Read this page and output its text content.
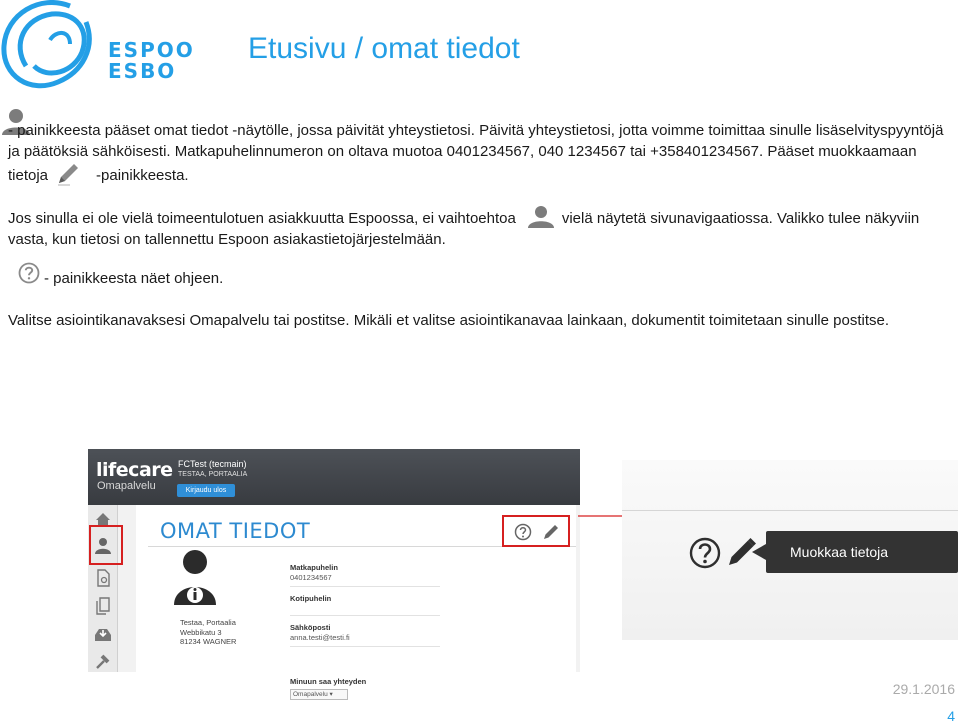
ESPOO
ESBO
Etusivu / omat tiedot
- painikkeesta pääset omat tiedot -näytölle, jossa päivität yhteystietosi. Päivitä yhteystietosi, jotta voimme toimittaa sinulle lisäselvityspyyntöjä ja päätöksiä sähköisesti. Matkapuhelinnumeron on oltava muotoa 0401234567, 040 1234567 tai +358401234567. Pääset muokkaamaan tietoja	-painikkeesta.
Jos sinulla ei ole vielä toimeentulotuen asiakkuutta Espoossa, ei vaihtoehtoa	vielä näytetä sivunavigaatiossa. Valikko tulee näkyviin vasta, kun tietosi on tallennettu Espoon asiakastietojärjestelmään.
- painikkeesta näet ohjeen.
Valitse asiointikanavaksesi Omapalvelu tai postitse. Mikäli et valitse asiointikanavaa lainkaan, dokumentit toimitetaan sinulle postitse.
lifecare
Omapalvelu
FCTest (tecmain)
TESTAA, PORTAALIA
Kirjaudu ulos
OMAT TIEDOT
Testaa, Portaalia
Webbikatu 3
81234 WAGNER
Matkapuhelin
0401234567
Kotipuhelin
Sähköposti
anna.testi@testi.fi
Minuun saa yhteyden
Omapalvelu ▾
Muokkaa tietoja
29.1.2016
4
